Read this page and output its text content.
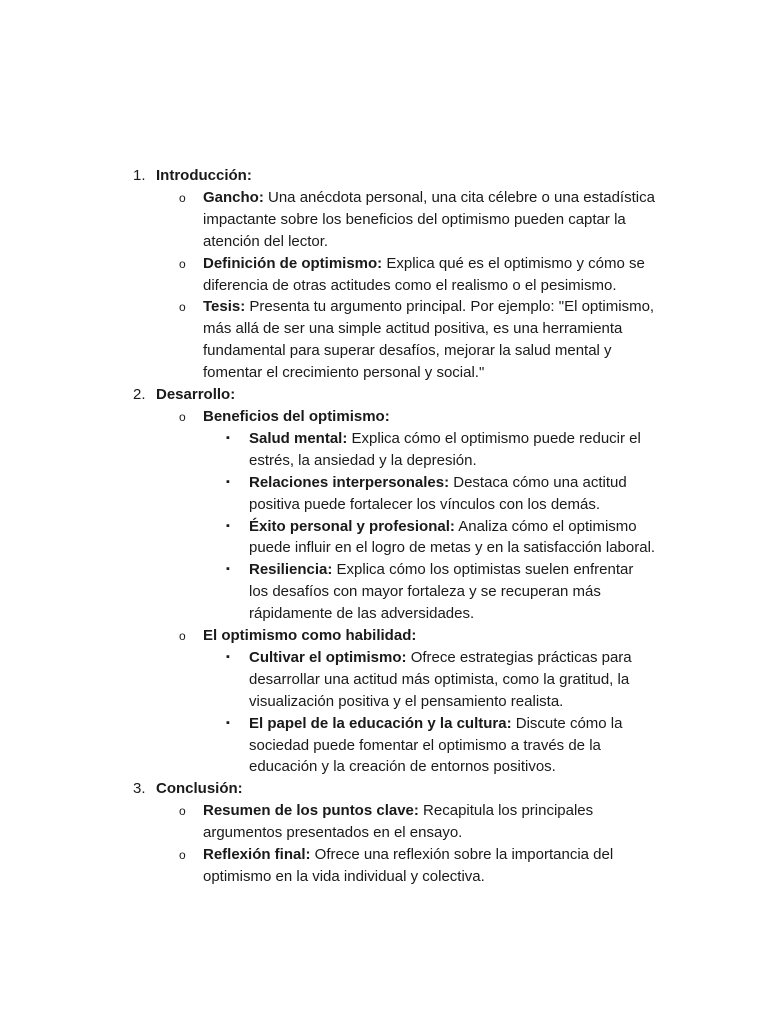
1. Introducción:
o Gancho: Una anécdota personal, una cita célebre o una estadística impactante sobre los beneficios del optimismo pueden captar la atención del lector.
o Definición de optimismo: Explica qué es el optimismo y cómo se diferencia de otras actitudes como el realismo o el pesimismo.
o Tesis: Presenta tu argumento principal. Por ejemplo: "El optimismo, más allá de ser una simple actitud positiva, es una herramienta fundamental para superar desafíos, mejorar la salud mental y fomentar el crecimiento personal y social."
2. Desarrollo:
o Beneficios del optimismo:
▪ Salud mental: Explica cómo el optimismo puede reducir el estrés, la ansiedad y la depresión.
▪ Relaciones interpersonales: Destaca cómo una actitud positiva puede fortalecer los vínculos con los demás.
▪ Éxito personal y profesional: Analiza cómo el optimismo puede influir en el logro de metas y en la satisfacción laboral.
▪ Resiliencia: Explica cómo los optimistas suelen enfrentar los desafíos con mayor fortaleza y se recuperan más rápidamente de las adversidades.
o El optimismo como habilidad:
▪ Cultivar el optimismo: Ofrece estrategias prácticas para desarrollar una actitud más optimista, como la gratitud, la visualización positiva y el pensamiento realista.
▪ El papel de la educación y la cultura: Discute cómo la sociedad puede fomentar el optimismo a través de la educación y la creación de entornos positivos.
3. Conclusión:
o Resumen de los puntos clave: Recapitula los principales argumentos presentados en el ensayo.
o Reflexión final: Ofrece una reflexión sobre la importancia del optimismo en la vida individual y colectiva.
